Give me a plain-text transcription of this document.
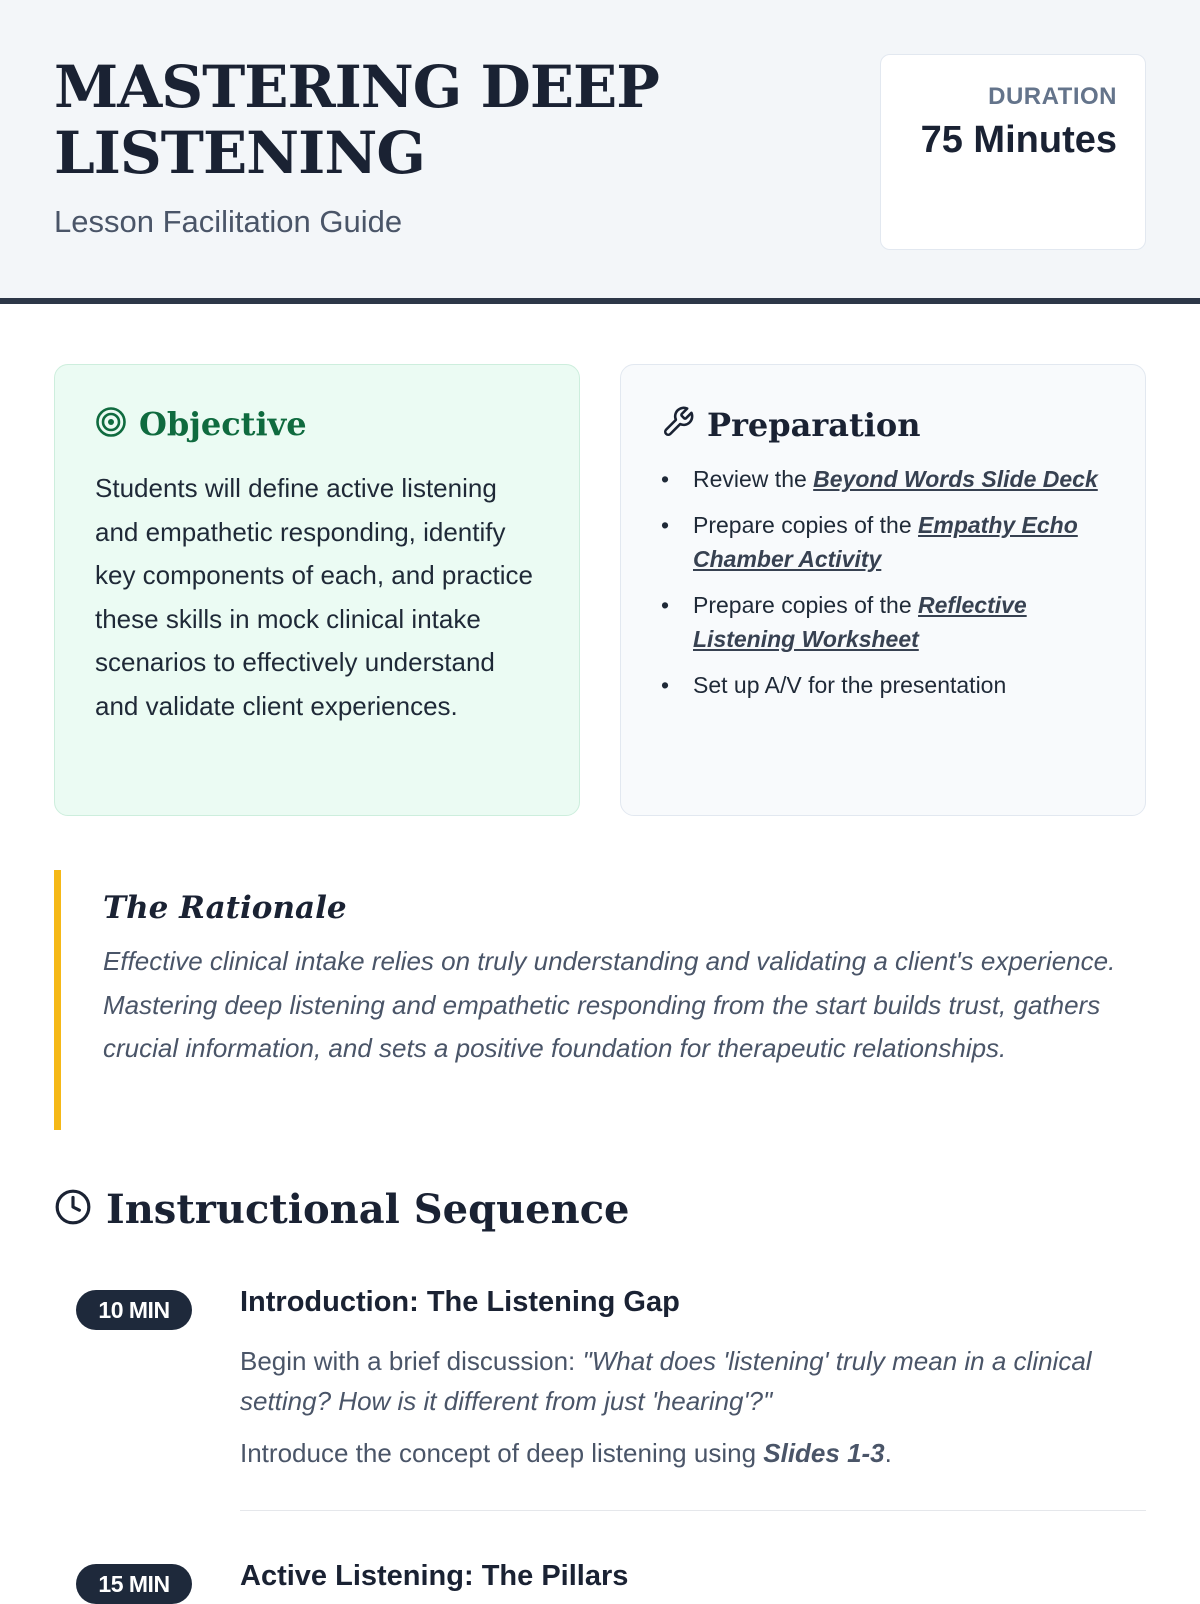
MASTERING DEEP LISTENING
Lesson Facilitation Guide
DURATION
75 Minutes
Objective
Students will define active listening and empathetic responding, identify key components of each, and practice these skills in mock clinical intake scenarios to effectively understand and validate client experiences.
Preparation
• Review the Beyond Words Slide Deck
• Prepare copies of the Empathy Echo Chamber Activity
• Prepare copies of the Reflective Listening Worksheet
• Set up A/V for the presentation
The Rationale
Effective clinical intake relies on truly understanding and validating a client's experience. Mastering deep listening and empathetic responding from the start builds trust, gathers crucial information, and sets a positive foundation for therapeutic relationships.
Instructional Sequence
10 MIN	Introduction: The Listening Gap
Begin with a brief discussion: "What does 'listening' truly mean in a clinical setting? How is it different from just 'hearing'?"
Introduce the concept of deep listening using Slides 1-3.
15 MIN	Active Listening: The Pillars
